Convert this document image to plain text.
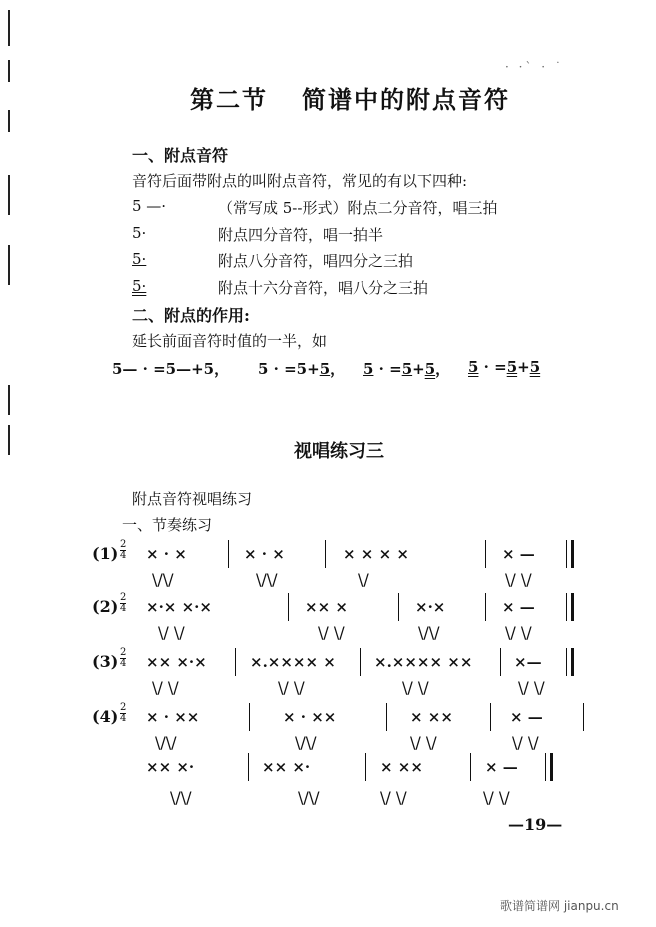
· ·ˋ · ˙
第二节 简谱中的附点音符
一、附点音符
音符后面带附点的叫附点音符，常见的有以下四种:
5 —·	（常写成 5--形式）附点二分音符，唱三拍
5·	附点四分音符，唱一拍半
5·	附点八分音符，唱四分之三拍
5·	附点十六分音符，唱八分之三拍
二、附点的作用:
延长前面音符时值的一半，如
5— · =5—+5， 5 · =5+5， 5 · =5+5， 5 · =5+5
视唱练习三
附点音符视唱练习
一、节奏练习
$(1) \frac{2}{4}$ × · ×	× · ×	× × × ×	× —
\/\/	\/\/	\/	\/ \/
$(2) \frac{2}{4}$ ×·× ×·×	×× ×	×·×	× —
\/ \/	\/ \/	\/\/	\/ \/
$(3) \frac{2}{4}$ ×× ×·×	×.×××× ×	×.×××× ××	×—
\/ \/	\/ \/	\/ \/	\/ \/
$(4) \frac{2}{4}$ × · ××	× · ××	× ××	× —
\/\/	\/\/	\/ \/	\/ \/
×× ×·	×× ×·	× ××	× —
\/\/	\/\/	\/ \/	\/ \/
—19—
歌谱简谱网 jianpu.cn
